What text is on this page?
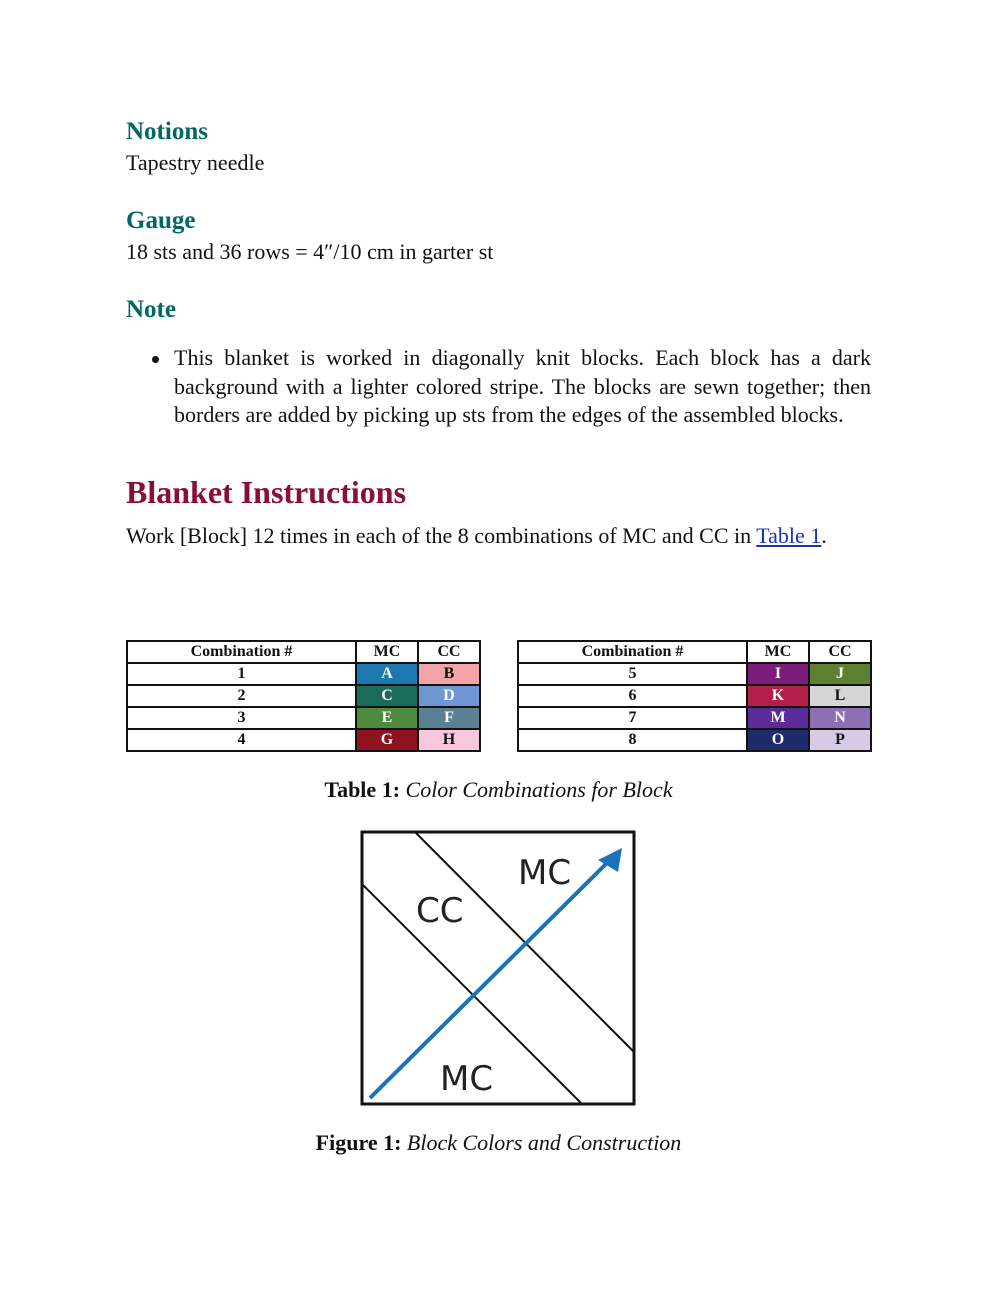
Notions

Tapestry needle

Gauge

18 sts and 36 rows = 4″/10 cm in garter st

Note
This blanket is worked in diagonally knit blocks. Each block has a dark background with a lighter colored stripe. The blocks are sewn together; then borders are added by picking up sts from the edges of the assembled blocks.
Blanket Instructions

Work [Block] 12 times in each of the 8 combinations of MC and CC in Table 1.

Combination #	MC	CC
1	A	B
2	C	D
3	E	F
4	G	H
Combination #	MC	CC
5	I	J
6	K	L
7	M	N
8	O	P
Table 1: Color Combinations for Block
MC
CC
MC
Figure 1: Block Colors and Construction
